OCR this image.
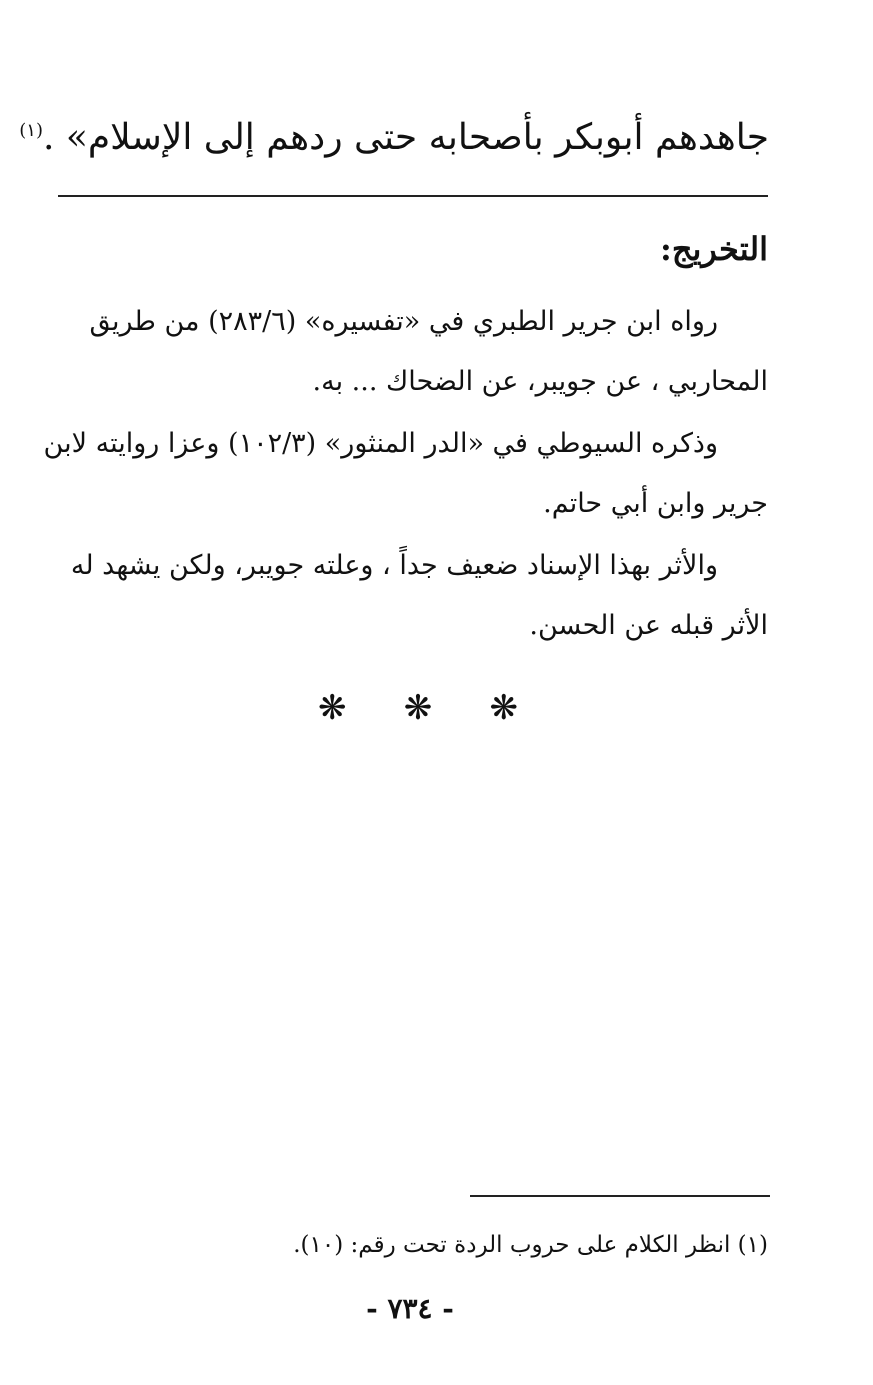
جاهدهم أبوبكر بأصحابه حتى ردهم إلى الإسلام» .$^{(١)}$
التخريج:
رواه ابن جرير الطبري في «تفسيره» (٢٨٣/٦) من طريق
المحاربي ، عن جويبر، عن الضحاك ... به.
وذكره السيوطي في «الدر المنثور» (١٠٢/٣) وعزا روايته لابن
جرير وابن أبي حاتم.
والأثر بهذا الإسناد ضعيف جداً ، وعلته جويبر، ولكن يشهد له
الأثر قبله عن الحسن.
❋ ❋ ❋
(١) انظر الكلام على حروب الردة تحت رقم: (١٠).
- ٧٣٤ -
